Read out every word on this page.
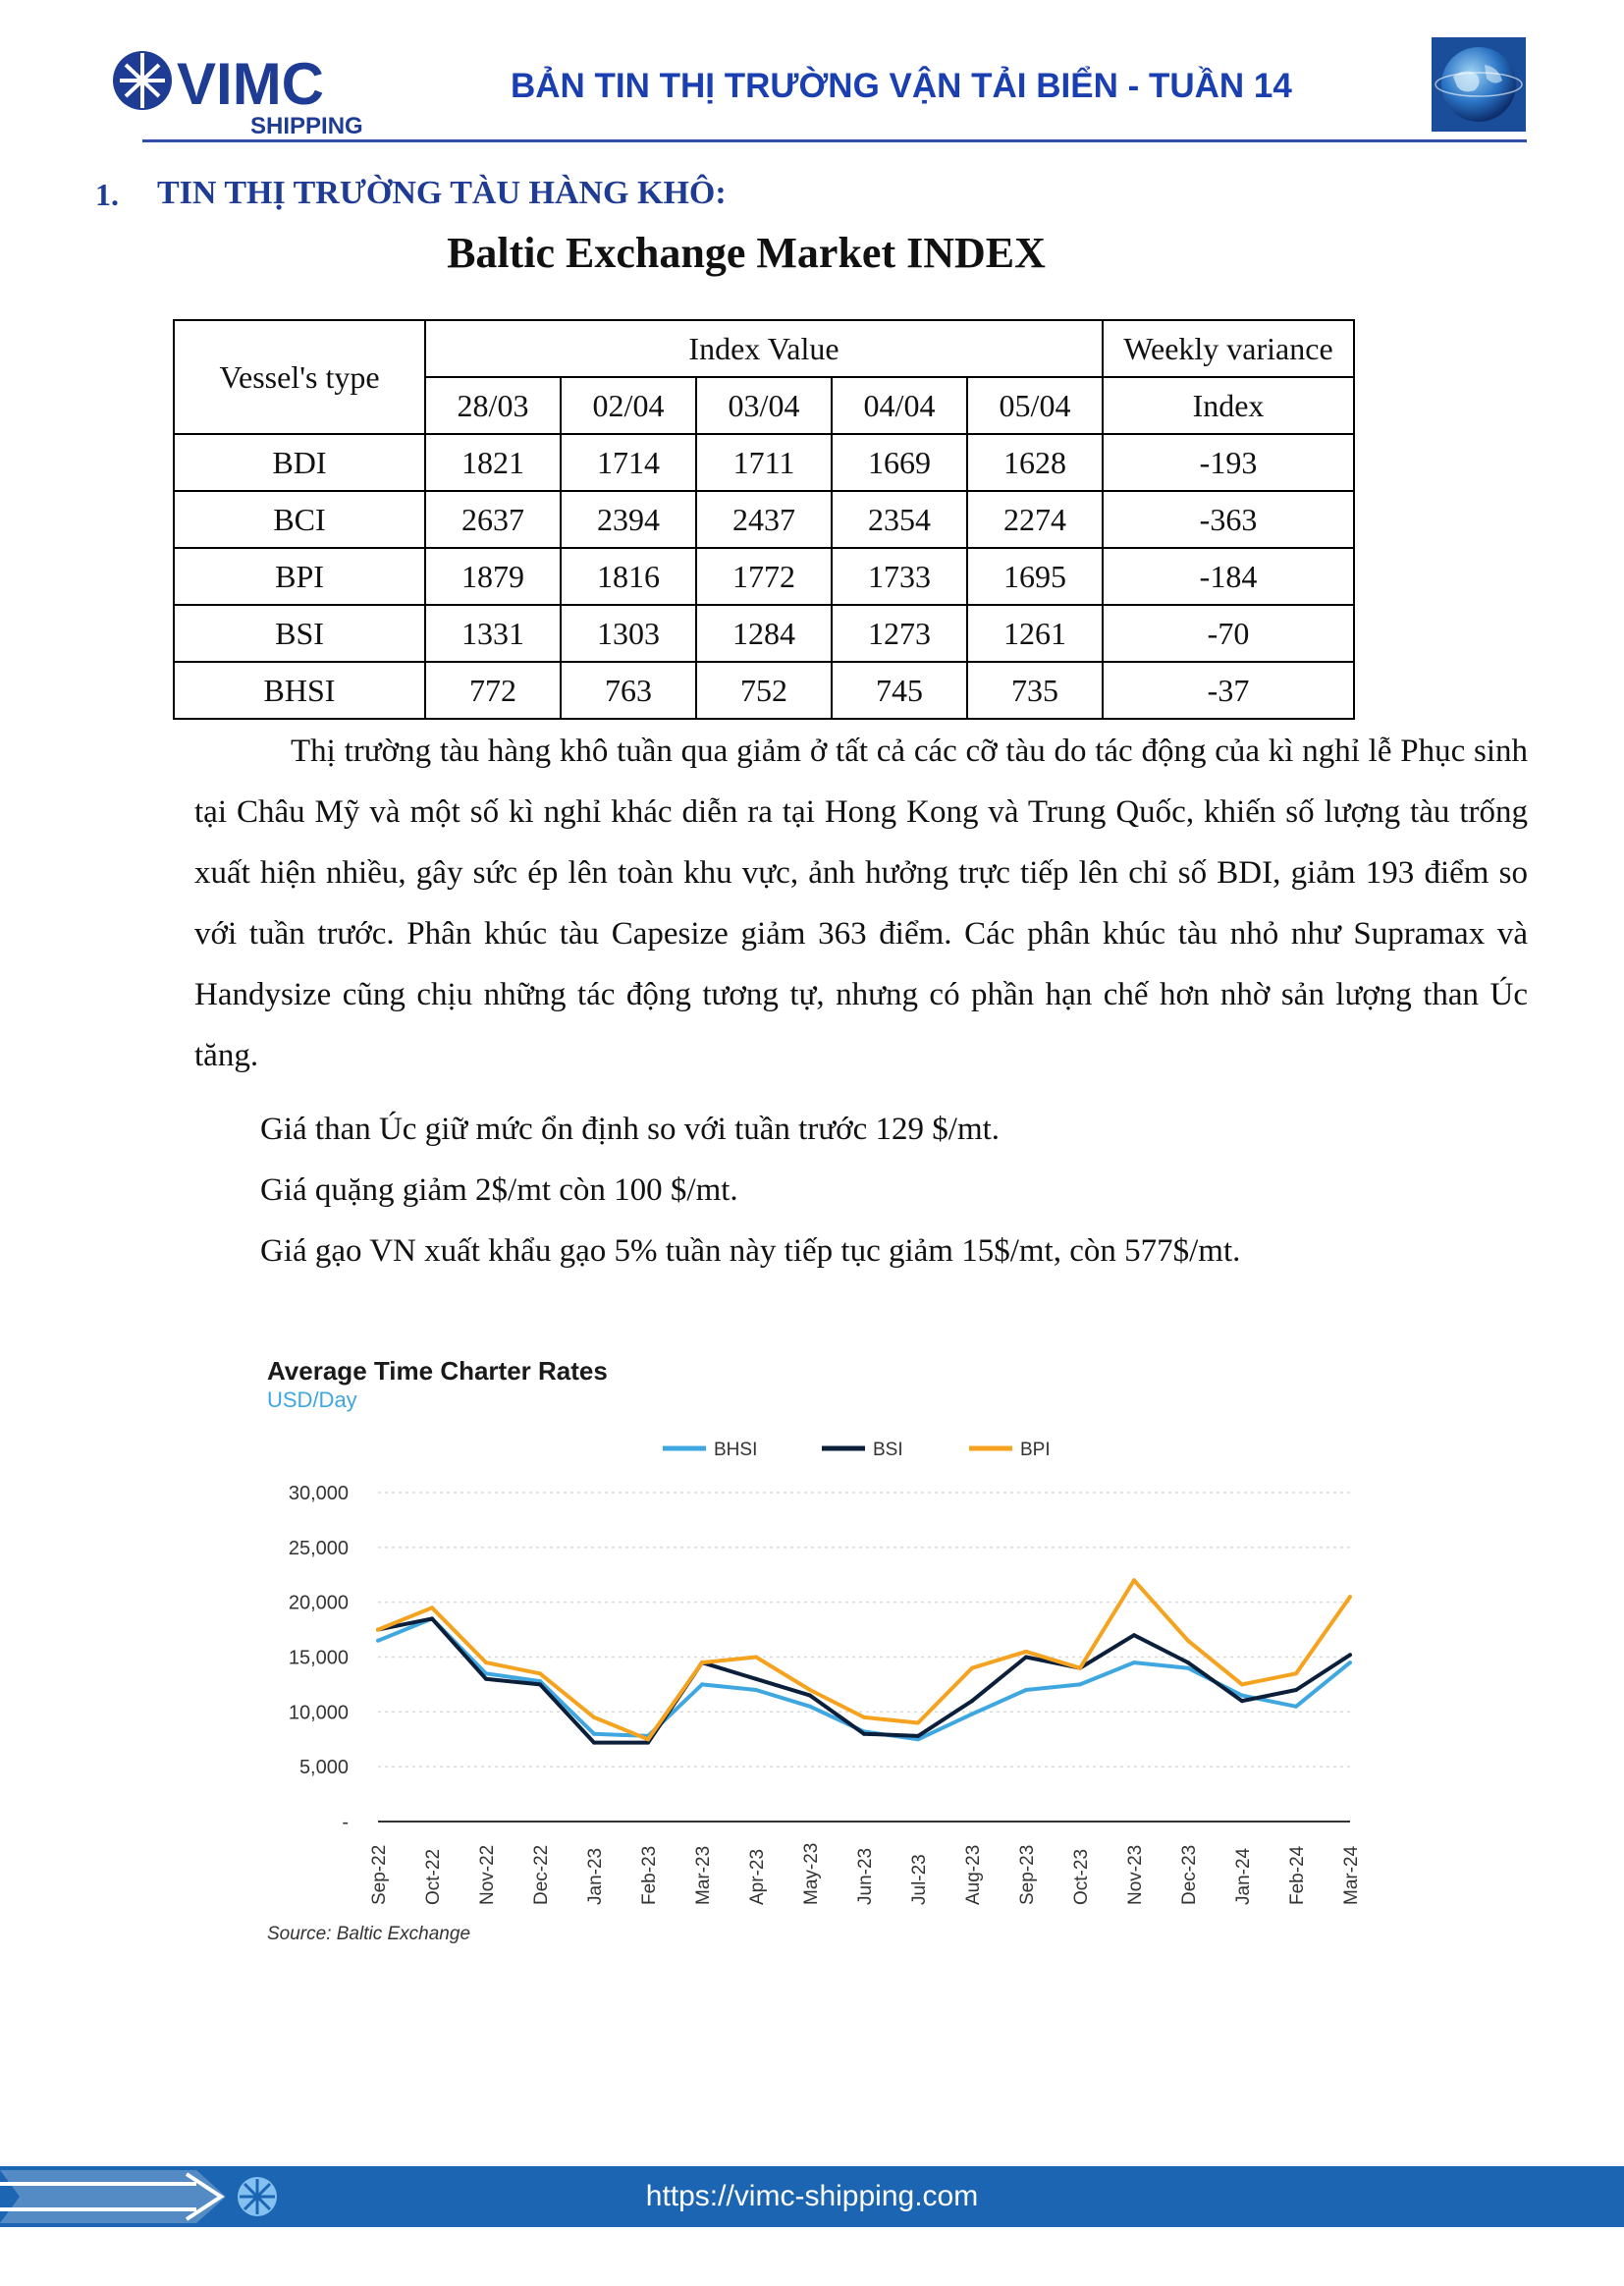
VIMC
SHIPPING
BẢN TIN THỊ TRƯỜNG VẬN TẢI BIỂN - TUẦN 14
1. TIN THỊ TRƯỜNG TÀU HÀNG KHÔ:
Baltic Exchange Market INDEX
Vessel's type	Index Value					Weekly variance
	28/03	02/04	03/04	04/04	05/04	Index
BDI	1821	1714	1711	1669	1628	-193
BCI	2637	2394	2437	2354	2274	-363
BPI	1879	1816	1772	1733	1695	-184
BSI	1331	1303	1284	1273	1261	-70
BHSI	772	763	752	745	735	-37
Thị trường tàu hàng khô tuần qua giảm ở tất cả các cỡ tàu do tác động của kì nghỉ lễ Phục sinh tại Châu Mỹ và một số kì nghỉ khác diễn ra tại Hong Kong và Trung Quốc, khiến số lượng tàu trống xuất hiện nhiều, gây sức ép lên toàn khu vực, ảnh hưởng trực tiếp lên chỉ số BDI, giảm 193 điểm so với tuần trước. Phân khúc tàu Capesize giảm 363 điểm. Các phân khúc tàu nhỏ như Supramax và Handysize cũng chịu những tác động tương tự, nhưng có phần hạn chế hơn nhờ sản lượng than Úc tăng.
Giá than Úc giữ mức ổn định so với tuần trước 129 $/mt.
Giá quặng giảm 2$/mt còn 100 $/mt.
Giá gạo VN xuất khẩu gạo 5% tuần này tiếp tục giảm 15$/mt, còn 577$/mt.
Average Time Charter Rates
USD/Day
BHSI	BSI	BPI
30,000
25,000
20,000
15,000
10,000
5,000
-
Sep-22 Oct-22 Nov-22 Dec-22 Jan-23 Feb-23 Mar-23 Apr-23 May-23 Jun-23 Jul-23 Aug-23 Sep-23 Oct-23 Nov-23 Dec-23 Jan-24 Feb-24 Mar-24
Source: Baltic Exchange
https://vimc-shipping.com
